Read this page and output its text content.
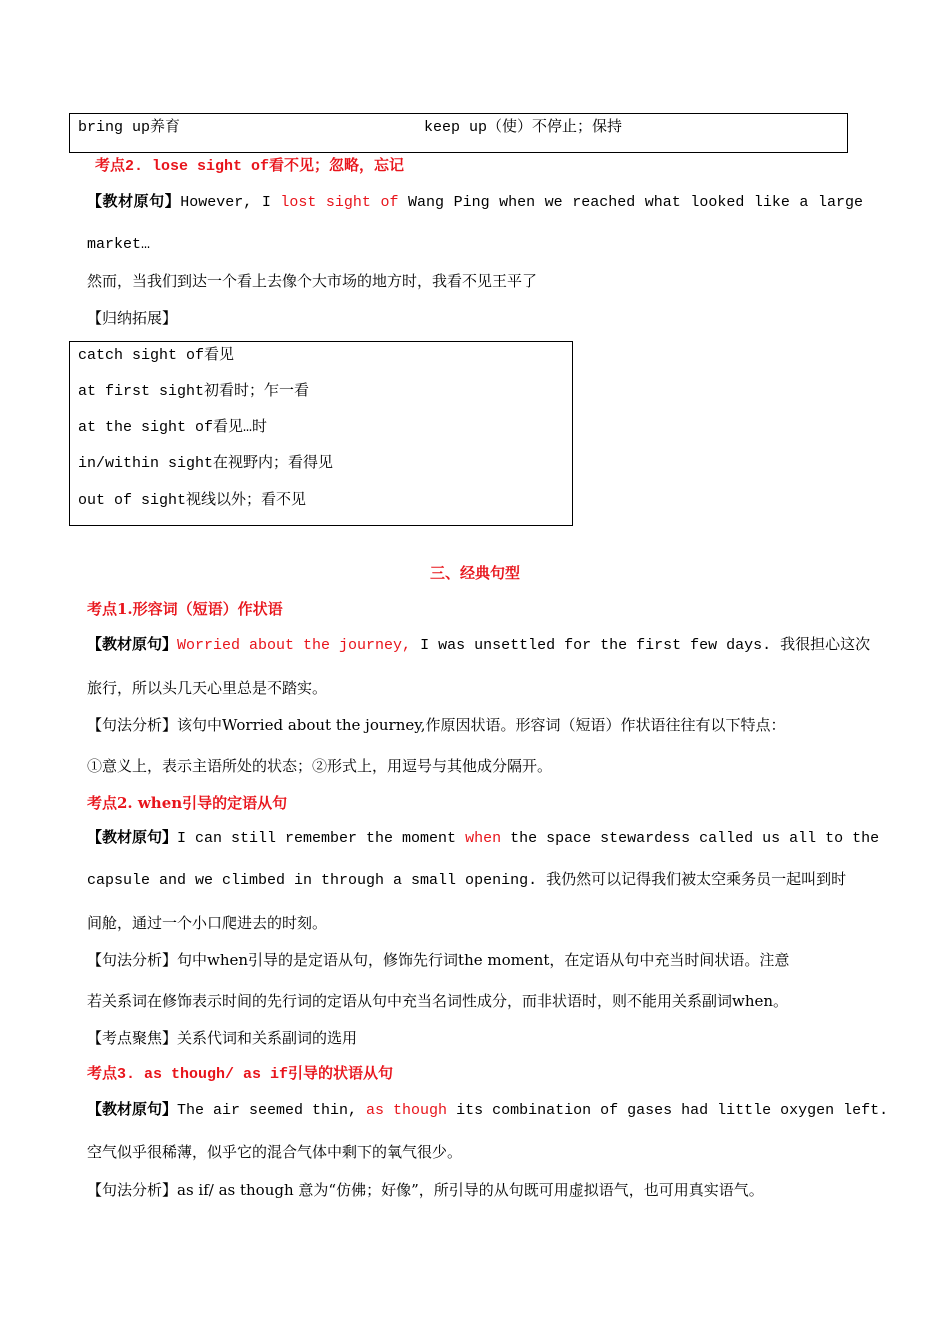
bring up养育	keep up（使）不停止；保持
考点2. lose sight of看不见；忽略，忘记
【教材原句】However, I lost sight of Wang Ping when we reached what looked like a large
market…
然而，当我们到达一个看上去像个大市场的地方时，我看不见王平了
【归纳拓展】
catch sight of看见
at first sight初看时；乍一看
at the sight of看见…时
in/within sight在视野内；看得见
out of sight视线以外；看不见
三、经典句型
考点1.形容词（短语）作状语
【教材原句】Worried about the journey, I was unsettled for the first few days. 我很担心这次
旅行，所以头几天心里总是不踏实。
【句法分析】该句中Worried about the journey,作原因状语。形容词（短语）作状语往往有以下特点：
①意义上，表示主语所处的状态；②形式上，用逗号与其他成分隔开。
考点2. when引导的定语从句
【教材原句】I can still remember the moment when the space stewardess called us all to the
capsule and we climbed in through a small opening. 我仍然可以记得我们被太空乘务员一起叫到时
间舱，通过一个小口爬进去的时刻。
【句法分析】句中when引导的是定语从句，修饰先行词the moment，在定语从句中充当时间状语。注意
若关系词在修饰表示时间的先行词的定语从句中充当名词性成分，而非状语时，则不能用关系副词when。
【考点聚焦】关系代词和关系副词的选用
考点3. as though/ as if引导的状语从句
【教材原句】The air seemed thin, as though its combination of gases had little oxygen left.
空气似乎很稀薄，似乎它的混合气体中剩下的氧气很少。
【句法分析】as if/ as though 意为“仿佛；好像”，所引导的从句既可用虚拟语气，也可用真实语气。
